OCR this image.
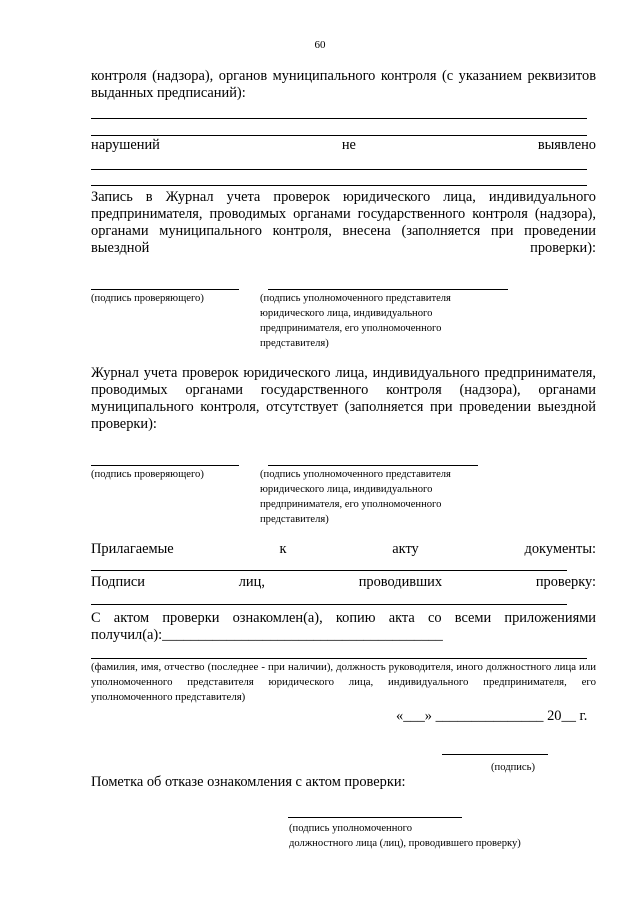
60
контроля (надзора), органов муниципального контроля (с указанием реквизитов выданных предписаний):
нарушений	не	выявлено
Запись в Журнал учета проверок юридического лица, индивидуального предпринимателя, проводимых органами государственного контроля (надзора), органами муниципального контроля, внесена (заполняется при проведении выездной проверки):
(подпись проверяющего)	(подпись уполномоченного представителя юридического лица, индивидуального предпринимателя, его уполномоченного представителя)
Журнал учета проверок юридического лица, индивидуального предпринимателя, проводимых органами государственного контроля (надзора), органами муниципального контроля, отсутствует (заполняется при проведении выездной проверки):
(подпись проверяющего)	(подпись уполномоченного представителя юридического лица, индивидуального предпринимателя, его уполномоченного представителя)
Прилагаемые	к	акту	документы:
Подписи	лиц,	проводивших	проверку:
С актом проверки ознакомлен(а), копию акта со всеми приложениями
получил(а):_______________________________________
(фамилия, имя, отчество (последнее - при наличии), должность руководителя, иного должностного лица или уполномоченного представителя юридического лица, индивидуального предпринимателя, его уполномоченного представителя)
«___» _______________ 20__ г.
(подпись)
Пометка об отказе ознакомления с актом проверки:
(подпись уполномоченного
должностного лица (лиц), проводившего проверку)
